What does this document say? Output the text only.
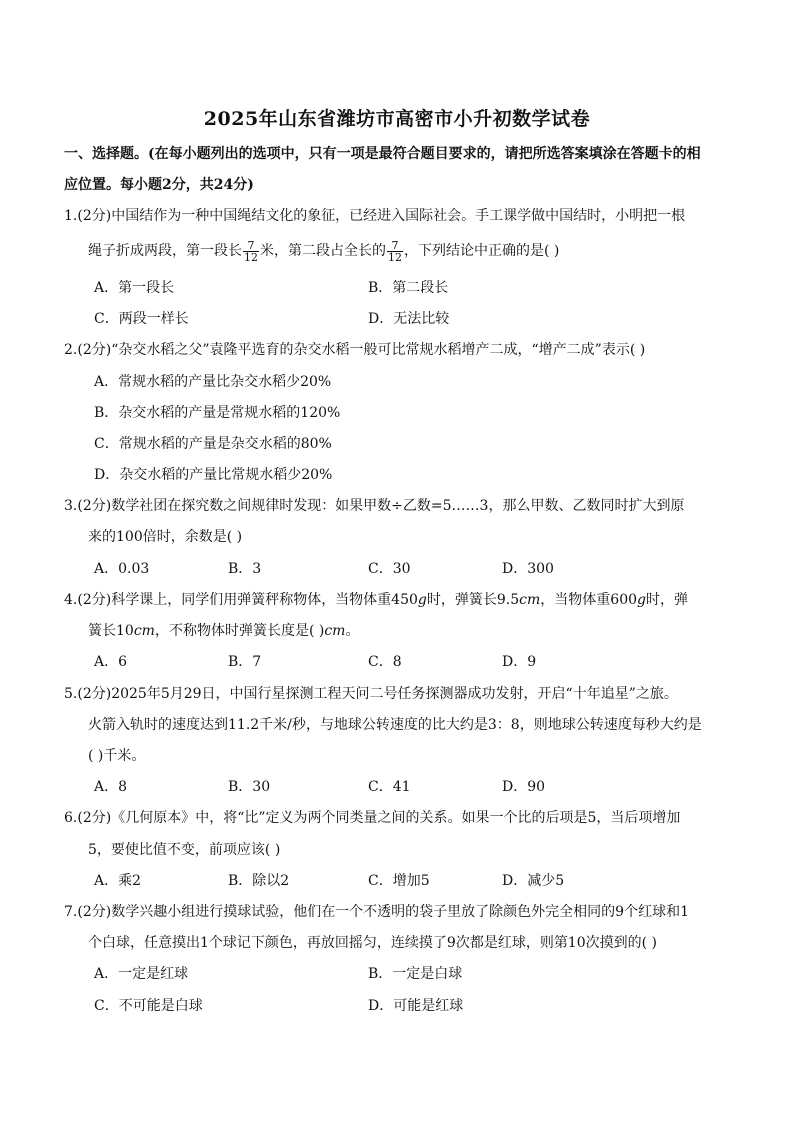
2025年山东省潍坊市高密市小升初数学试卷
一、选择题。(在每小题列出的选项中，只有一项是最符合题目要求的，请把所选答案填涂在答题卡的相
应位置。每小题2分，共24分)
1.(2分)中国结作为一种中国绳结文化的象征，已经进入国际社会。手工课学做中国结时，小明把一根
绳子折成两段，第一段长 $\frac{7}{12}$ 米，第二段占全长的 $\frac{7}{12}$ ，下列结论中正确的是( )
A．第一段长	B．第二段长
C．两段一样长	D．无法比较
2.(2分)“杂交水稻之父”袁隆平选育的杂交水稻一般可比常规水稻增产二成，“增产二成”表示( )
A．常规水稻的产量比杂交水稻少20%
B．杂交水稻的产量是常规水稻的120%
C．常规水稻的产量是杂交水稻的80%
D．杂交水稻的产量比常规水稻少20%
3.(2分)数学社团在探究数之间规律时发现：如果甲数÷乙数=5……3，那么甲数、乙数同时扩大到原
来的100倍时，余数是( )
A．0.03	B．3	C．30	D．300
4.(2分)科学课上，同学们用弹簧秤称物体，当物体重450g时，弹簧长9.5cm，当物体重600g时，弹
簧长10cm，不称物体时弹簧长度是( )cm。
A．6	B．7	C．8	D．9
5.(2分)2025年5月29日，中国行星探测工程天问二号任务探测器成功发射，开启“十年追星”之旅。
火箭入轨时的速度达到11.2千米/秒，与地球公转速度的比大约是3：8，则地球公转速度每秒大约是
( )千米。
A．8	B．30	C．41	D．90
6.(2分)《几何原本》中，将“比”定义为两个同类量之间的关系。如果一个比的后项是5，当后项增加
5，要使比值不变，前项应该( )
A．乘2	B．除以2	C．增加5	D．减少5
7.(2分)数学兴趣小组进行摸球试验，他们在一个不透明的袋子里放了除颜色外完全相同的9个红球和1
个白球，任意摸出1个球记下颜色，再放回摇匀，连续摸了9次都是红球，则第10次摸到的( )
A．一定是红球	B．一定是白球
C．不可能是白球	D．可能是红球
